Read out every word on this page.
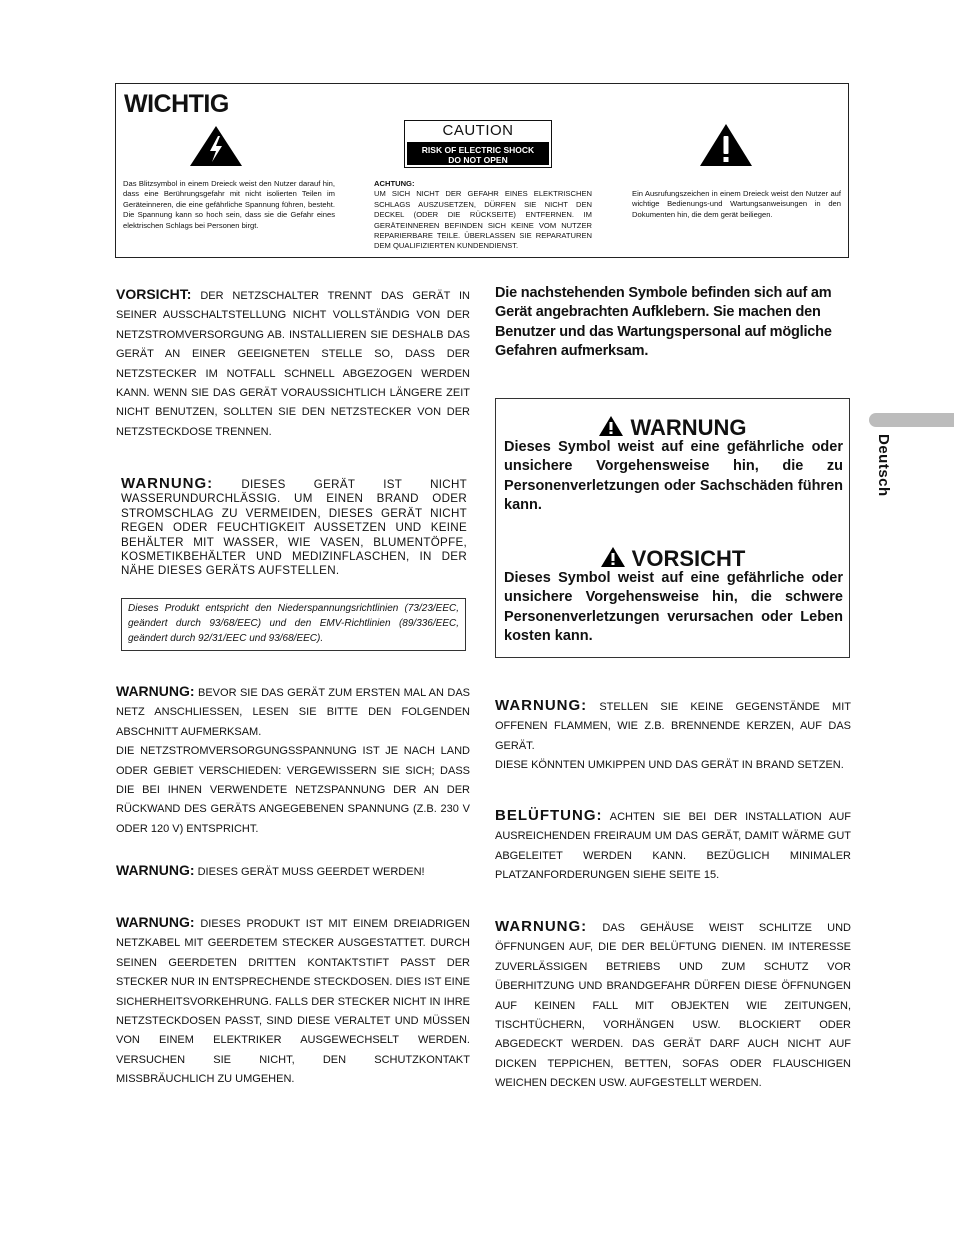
WICHTIG
CAUTION
RISK OF ELECTRIC SHOCK
DO NOT OPEN
Das Blitzsymbol in einem Dreieck weist den Nutzer darauf hin, dass eine Berührungsgefahr mit nicht isolierten Teilen im Geräteinneren, die eine gefährliche Spannung führen, besteht. Die Spannung kann so hoch sein, dass sie die Gefahr eines elektrischen Schlags bei Personen birgt.
ACHTUNG:
UM SICH NICHT DER GEFAHR EINES ELEKTRISCHEN SCHLAGS AUSZUSETZEN, DÜRFEN SIE NICHT DEN DECKEL (ODER DIE RÜCKSEITE) ENTFERNEN. IM GERÄTEINNEREN BEFINDEN SICH KEINE VOM NUTZER REPARIERBARE TEILE. ÜBERLASSEN SIE REPARATUREN DEM QUALIFIZIERTEN KUNDENDIENST.
Ein Ausrufungszeichen in einem Dreieck weist den Nutzer auf wichtige Bedienungs-und Wartungsanweisungen in den Dokumenten hin, die dem gerät beiliegen.
VORSICHT: DER NETZSCHALTER TRENNT DAS GERÄT IN SEINER AUSSCHALTSTELLUNG NICHT VOLLSTÄNDIG VON DER NETZSTROMVERSORGUNG AB. INSTALLIEREN SIE DESHALB DAS GERÄT AN EINER GEEIGNETEN STELLE SO, DASS DER NETZSTECKER IM NOTFALL SCHNELL ABGEZOGEN WERDEN KANN. WENN SIE DAS GERÄT VORAUSSICHTLICH LÄNGERE ZEIT NICHT BENUTZEN, SOLLTEN SIE DEN NETZSTECKER VON DER NETZSTECKDOSE TRENNEN.
WARNUNG: DIESES GERÄT IST NICHT WASSERUNDURCHLÄSSIG. UM EINEN BRAND ODER STROMSCHLAG ZU VERMEIDEN, DIESES GERÄT NICHT REGEN ODER FEUCHTIGKEIT AUSSETZEN UND KEINE BEHÄLTER MIT WASSER, WIE VASEN, BLUMENTÖPFE, KOSMETIKBEHÄLTER UND MEDIZINFLASCHEN, IN DER NÄHE DIESES GERÄTS AUFSTELLEN.
Dieses Produkt entspricht den Niederspannungsrichtlinien (73/23/EEC, geändert durch 93/68/EEC) und den EMV-Richtlinien (89/336/EEC, geändert durch 92/31/EEC und 93/68/EEC).
WARNUNG: BEVOR SIE DAS GERÄT ZUM ERSTEN MAL AN DAS NETZ ANSCHLIESSEN, LESEN SIE BITTE DEN FOLGENDEN ABSCHNITT AUFMERKSAM.
DIE NETZSTROMVERSORGUNGSSPANNUNG IST JE NACH LAND ODER GEBIET VERSCHIEDEN: VERGEWISSERN SIE SICH; DASS DIE BEI IHNEN VERWENDETE NETZSPANNUNG DER AN DER RÜCKWAND DES GERÄTS ANGEGEBENEN SPANNUNG (Z.B. 230 V ODER 120 V) ENTSPRICHT.
WARNUNG: DIESES GERÄT MUSS GEERDET WERDEN!
WARNUNG: DIESES PRODUKT IST MIT EINEM DREIADRIGEN NETZKABEL MIT GEERDETEM STECKER AUSGESTATTET. DURCH SEINEN GEERDETEN DRITTEN KONTAKTSTIFT PASST DER STECKER NUR IN ENTSPRECHENDE STECKDOSEN. DIES IST EINE SICHERHEITSVORKEHRUNG. FALLS DER STECKER NICHT IN IHRE NETZSTECKDOSEN PASST, SIND DIESE VERALTET UND MÜSSEN VON EINEM ELEKTRIKER AUSGEWECHSELT WERDEN. VERSUCHEN SIE NICHT, DEN SCHUTZKONTAKT MISSBRÄUCHLICH ZU UMGEHEN.
Die nachstehenden Symbole befinden sich auf am Gerät angebrachten Aufklebern. Sie machen den Benutzer und das Wartungspersonal auf mögliche Gefahren aufmerksam.
WARNUNG
Dieses Symbol weist auf eine gefährliche oder unsichere Vorgehensweise hin, die zu Personenverletzungen oder Sachschäden führen kann.
VORSICHT
Dieses Symbol weist auf eine gefährliche oder unsichere Vorgehensweise hin, die schwere Personenverletzungen verursachen oder Leben kosten kann.
WARNUNG: STELLEN SIE KEINE GEGENSTÄNDE MIT OFFENEN FLAMMEN, WIE Z.B. BRENNENDE KERZEN, AUF DAS GERÄT.
DIESE KÖNNTEN UMKIPPEN UND DAS GERÄT IN BRAND SETZEN.
BELÜFTUNG: ACHTEN SIE BEI DER INSTALLATION AUF AUSREICHENDEN FREIRAUM UM DAS GERÄT, DAMIT WÄRME GUT ABGELEITET WERDEN KANN. BEZÜGLICH MINIMALER PLATZANFORDERUNGEN SIEHE SEITE 15.
WARNUNG: DAS GEHÄUSE WEIST SCHLITZE UND ÖFFNUNGEN AUF, DIE DER BELÜFTUNG DIENEN. IM INTERESSE ZUVERLÄSSIGEN BETRIEBS UND ZUM SCHUTZ VOR ÜBERHITZUNG UND BRANDGEFAHR DÜRFEN DIESE ÖFFNUNGEN AUF KEINEN FALL MIT OBJEKTEN WIE ZEITUNGEN, TISCHTÜCHERN, VORHÄNGEN USW. BLOCKIERT ODER ABGEDECKT WERDEN. DAS GERÄT DARF AUCH NICHT AUF DICKEN TEPPICHEN, BETTEN, SOFAS ODER FLAUSCHIGEN WEICHEN DECKEN USW. AUFGESTELLT WERDEN.
Deutsch
